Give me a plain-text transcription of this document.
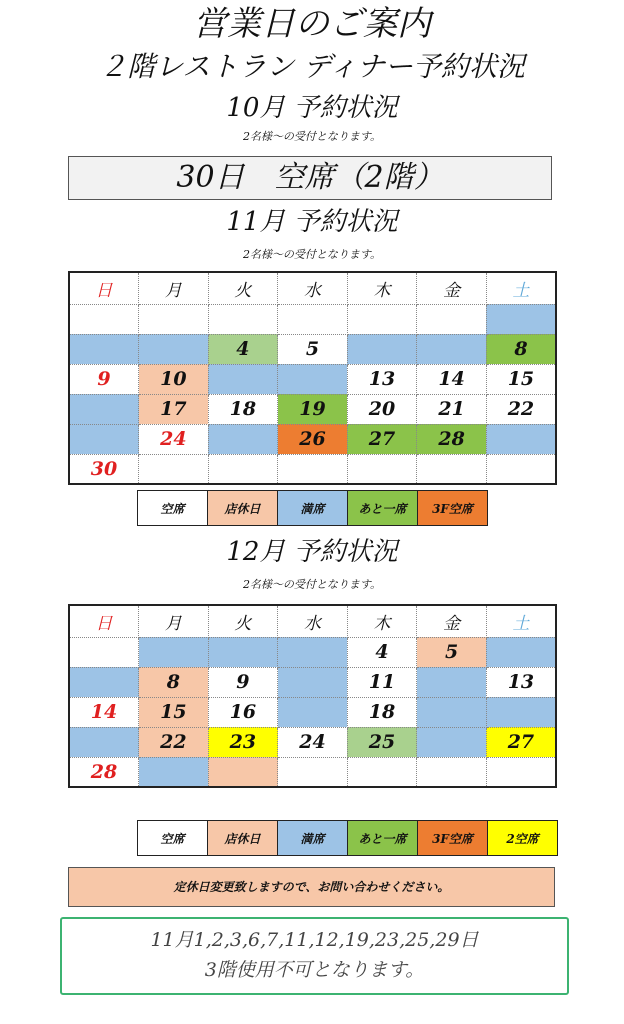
営業日のご案内
２階レストラン ディナー予約状況
10月 予約状況
2名様～の受付となります。
30日　空席（2階）
11月 予約状況
2名様～の受付となります。
日	月	火	水	木	金	土

		4	5			8
9	10			13	14	15
	17	18	19	20	21	22
	24		26	27	28	
30						
空席	店休日	満席	あと一席	3F空席
12月 予約状況
2名様～の受付となります。
日	月	火	水	木	金	土
				4	5	
	8	9		11		13
14	15	16		18		
	22	23	24	25		27
28						
空席	店休日	満席	あと一席	3F空席	2空席
定休日変更致しますので、お問い合わせください。
11月1,2,3,6,7,11,12,19,23,25,29日
3階使用不可となります。
